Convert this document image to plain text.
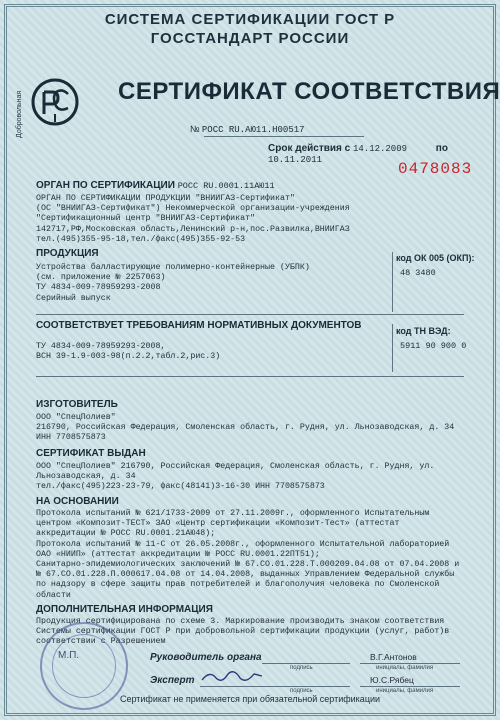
СИСТЕМА СЕРТИФИКАЦИИ ГОСТ Р
ГОССТАНДАРТ РОССИИ
Добровольная	СЕРТИФИКАТ СООТВЕТСТВИЯ
№ РОСС RU.АЮ11.Н00517
Срок действия с 14.12.2009	по 10.11.2011	0478083
ОРГАН ПО СЕРТИФИКАЦИИ РОСС RU.0001.11АЮ11
ОРГАН ПО СЕРТИФИКАЦИИ ПРОДУКЦИИ "ВНИИГАЗ-Сертификат"
(ОС "ВНИИГАЗ-Сертификат") Некоммерческой организации-учреждения
"Сертификационный центр "ВНИИГАЗ-Сертификат"
142717,РФ,Московская область,Ленинский р-н,пос.Развилка,ВНИИГАЗ
тел.(495)355-95-18,тел./факс(495)355-92-53
ПРОДУКЦИЯ
Устройства балластирующие полимерно-контейнерные (УБПК)
(см. приложение № 2257063)
ТУ 4834-009-78959293-2008
Серийный выпуск
код ОК 005 (ОКП):
48 3480
СООТВЕТСТВУЕТ ТРЕБОВАНИЯМ НОРМАТИВНЫХ ДОКУМЕНТОВ
ТУ 4834-009-78959293-2008,
ВСН 39-1.9-003-98(п.2.2,табл.2,рис.3)
код ТН ВЭД:
5911 90 900 0
ИЗГОТОВИТЕЛЬ
ООО "СпецПолиев"
216790, Российская Федерация, Смоленская область, г. Рудня, ул. Льнозаводская, д. 34
ИНН 7708575873
СЕРТИФИКАТ ВЫДАН
ООО "СпецПолиев" 216790, Российская Федерация, Смоленская область, г. Рудня, ул.
Льнозаводская, д. 34
тел./факс(495)223-23-79, факс(48141)3-16-30 ИНН 7708575873
НА ОСНОВАНИИ
Протокола испытаний № 621/1733-2009 от 27.11.2009г., оформленного Испытательным
центром «Композит-ТЕСТ» ЗАО «Центр сертификации «Композит-Тест» (аттестат
аккредитации № РОСС RU.0001.21АЮ48);
Протокола испытаний № 11-С от 26.05.2008г., оформленного Испытательной лабораторией
ОАО «НИИП» (аттестат аккредитации № РОСС RU.0001.22ПТ51);
Санитарно-эпидемиологических заключений № 67.СО.01.228.Т.000209.04.08 от 07.04.2008 и
№ 67.СО.01.228.П.000617.04.08 от 14.04.2008, выданных Управлением Федеральной службы
по надзору в сфере защиты прав потребителей и благополучия человека по Смоленской
области
ДОПОЛНИТЕЛЬНАЯ ИНФОРМАЦИЯ
Продукция сертифицирована по схеме 3. Маркирование производить знаком соответствия
Системы сертификации ГОСТ Р при добровольной сертификации продукции (услуг, работ)в
соответствии с Разрешением
М.П.	Руководитель органа
подпись
В.Г.Антонов
инициалы, фамилия
Эксперт
подпись
Ю.С.Рябец
инициалы, фамилия
Сертификат не применяется при обязательной сертификации
